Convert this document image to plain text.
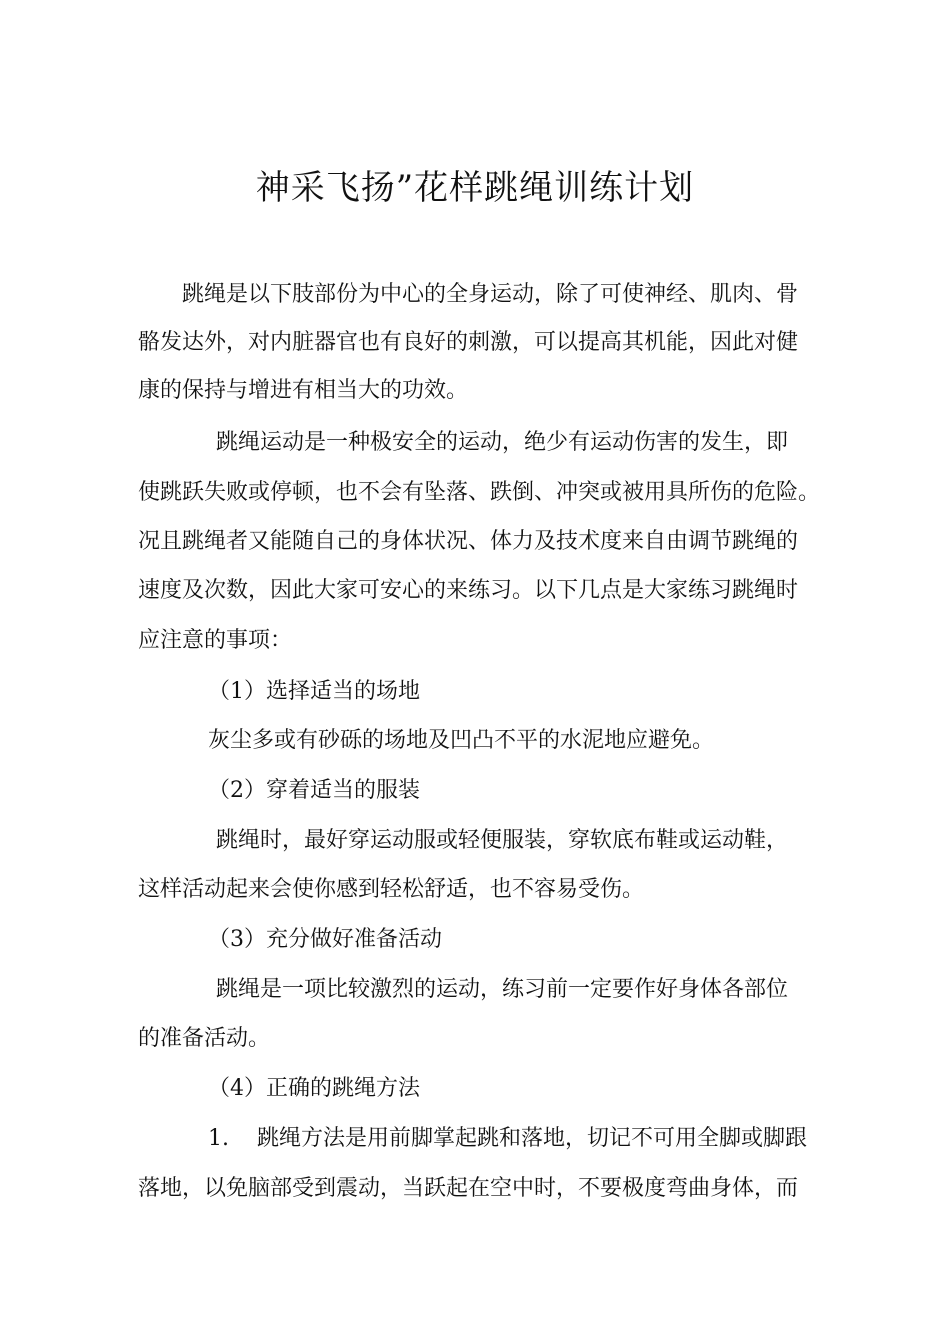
神采飞扬”花样跳绳训练计划
跳绳是以下肢部份为中心的全身运动，除了可使神经、肌肉、骨
骼发达外，对内脏器官也有良好的刺激，可以提高其机能，因此对健
康的保持与增进有相当大的功效。
跳绳运动是一种极安全的运动，绝少有运动伤害的发生，即
使跳跃失败或停顿，也不会有坠落、跌倒、冲突或被用具所伤的危险。
况且跳绳者又能随自己的身体状况、体力及技术度来自由调节跳绳的
速度及次数，因此大家可安心的来练习。以下几点是大家练习跳绳时
应注意的事项：
（1）选择适当的场地
灰尘多或有砂砾的场地及凹凸不平的水泥地应避免。
（2）穿着适当的服装
跳绳时，最好穿运动服或轻便服装，穿软底布鞋或运动鞋，
这样活动起来会使你感到轻松舒适，也不容易受伤。
（3）充分做好准备活动
跳绳是一项比较激烈的运动，练习前一定要作好身体各部位
的准备活动。
（4）正确的跳绳方法
1.    跳绳方法是用前脚掌起跳和落地，切记不可用全脚或脚跟
落地，以免脑部受到震动，当跃起在空中时，不要极度弯曲身体，而
